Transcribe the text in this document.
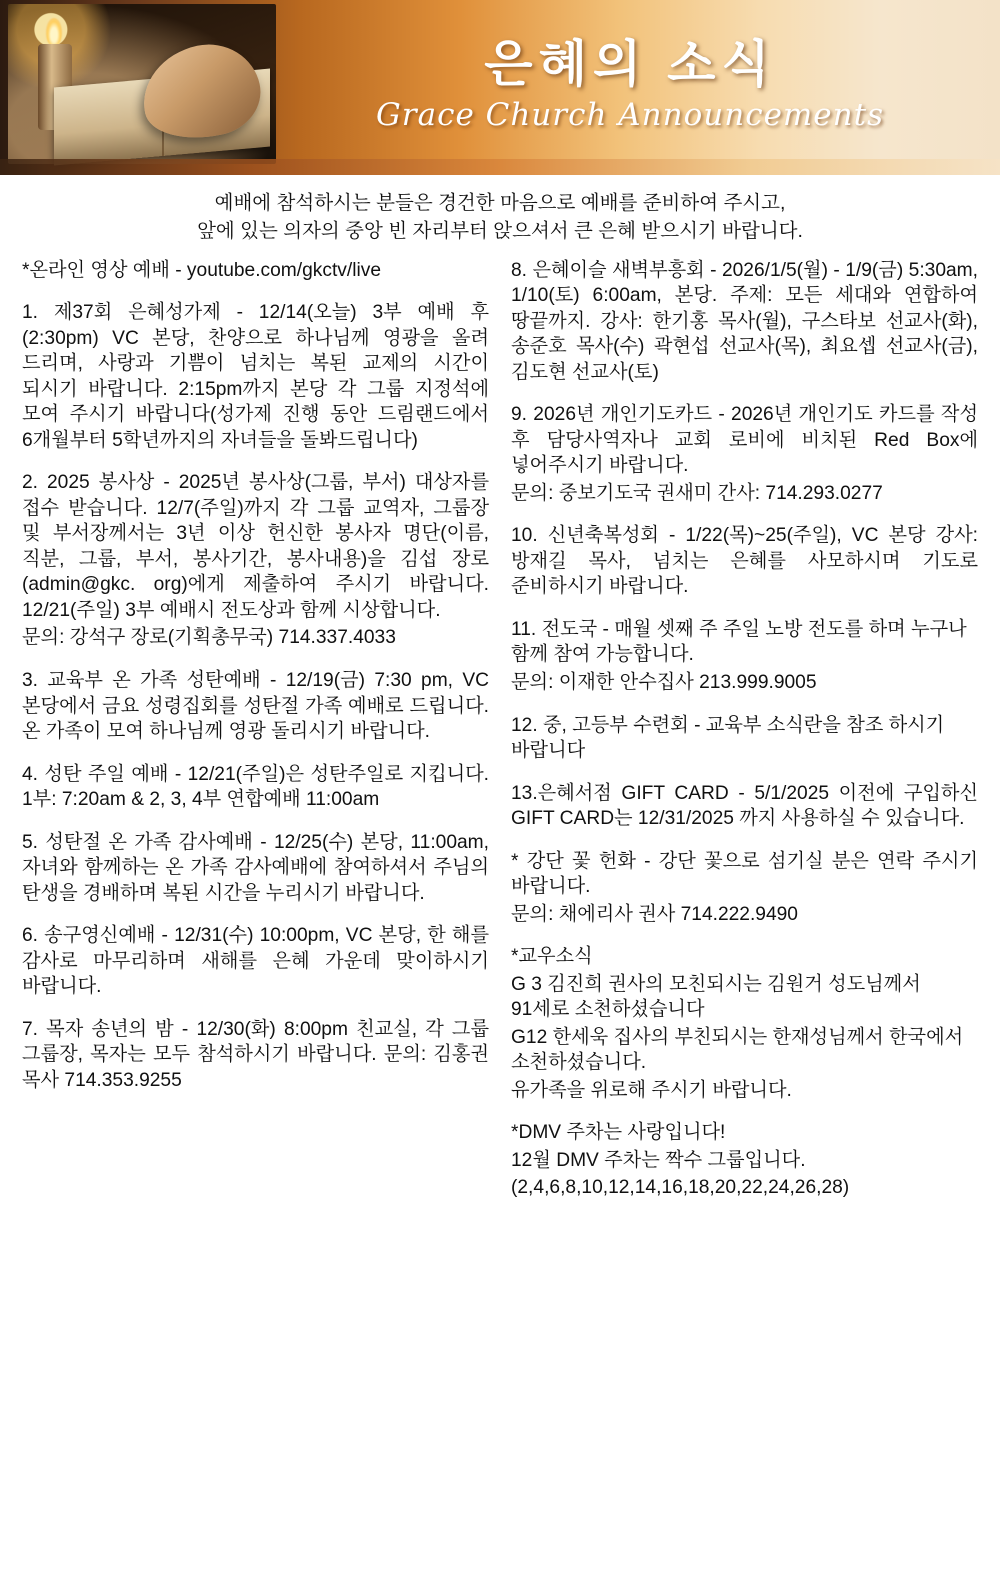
은혜의 소식
Grace Church Announcements
예배에 참석하시는 분들은 경건한 마음으로 예배를 준비하여 주시고,
앞에 있는 의자의 중앙 빈 자리부터 앉으셔서 큰 은혜 받으시기 바랍니다.

*온라인 영상 예배 - youtube.com/gkctv/live

1. 제37회 은혜성가제 - 12/14(오늘) 3부 예배 후(2:30pm) VC 본당, 찬양으로 하나님께 영광을 올려 드리며, 사랑과 기쁨이 넘치는 복된 교제의 시간이 되시기 바랍니다. 2:15pm까지 본당 각 그룹 지정석에 모여 주시기 바랍니다(성가제 진행 동안 드림랜드에서 6개월부터 5학년까지의 자녀들을 돌봐드립니다)

2. 2025 봉사상 - 2025년 봉사상(그룹, 부서) 대상자를 접수 받습니다. 12/7(주일)까지 각 그룹 교역자, 그룹장 및 부서장께서는 3년 이상 헌신한 봉사자 명단(이름, 직분, 그룹, 부서, 봉사기간, 봉사내용)을 김섭 장로(admin@gkc. org)에게 제출하여 주시기 바랍니다. 12/21(주일) 3부 예배시 전도상과 함께 시상합니다.

문의: 강석구 장로(기획총무국) 714.337.4033

3. 교육부 온 가족 성탄예배 - 12/19(금) 7:30 pm, VC 본당에서 금요 성령집회를 성탄절 가족 예배로 드립니다. 온 가족이 모여 하나님께 영광 돌리시기 바랍니다.

4. 성탄 주일 예배 - 12/21(주일)은 성탄주일로 지킵니다. 1부: 7:20am & 2, 3, 4부 연합예배 11:00am

5. 성탄절 온 가족 감사예배 - 12/25(수) 본당, 11:00am, 자녀와 함께하는 온 가족 감사예배에 참여하셔서 주님의 탄생을 경배하며 복된 시간을 누리시기 바랍니다.

6. 송구영신예배 - 12/31(수) 10:00pm, VC 본당, 한 해를 감사로 마무리하며 새해를 은혜 가운데 맞이하시기 바랍니다.

7. 목자 송년의 밤 - 12/30(화) 8:00pm 친교실, 각 그룹 그룹장, 목자는 모두 참석하시기 바랍니다. 문의: 김홍권 목사 714.353.9255

8. 은혜이슬 새벽부흥회 - 2026/1/5(월) - 1/9(금) 5:30am, 1/10(토) 6:00am, 본당. 주제: 모든 세대와 연합하여 땅끝까지. 강사: 한기홍 목사(월), 구스타보 선교사(화), 송준호 목사(수) 곽현섭 선교사(목), 최요셉 선교사(금), 김도현 선교사(토)

9. 2026년 개인기도카드 - 2026년 개인기도 카드를 작성 후 담당사역자나 교회 로비에 비치된 Red Box에 넣어주시기 바랍니다.

문의: 중보기도국 권새미 간사: 714.293.0277

10. 신년축복성회 - 1/22(목)~25(주일), VC 본당 강사: 방재길 목사, 넘치는 은혜를 사모하시며 기도로 준비하시기 바랍니다.

11. 전도국 - 매월 셋째 주 주일 노방 전도를 하며 누구나 함께 참여 가능합니다.

문의: 이재한 안수집사 213.999.9005

12. 중, 고등부 수련회 - 교육부 소식란을 참조 하시기 바랍니다

13.은혜서점 GIFT CARD - 5/1/2025 이전에 구입하신 GIFT CARD는 12/31/2025 까지 사용하실 수 있습니다.

* 강단 꽃 헌화 - 강단 꽃으로 섬기실 분은 연락 주시기 바랍니다.

문의: 채에리사 권사 714.222.9490

*교우소식

G 3 김진희 권사의 모친되시는 김원거 성도님께서 91세로 소천하셨습니다

G12 한세욱 집사의 부친되시는 한재성님께서 한국에서 소천하셨습니다.

유가족을 위로해 주시기 바랍니다.

*DMV 주차는 사랑입니다!

12월 DMV 주차는 짝수 그룹입니다.

(2,4,6,8,10,12,14,16,18,20,22,24,26,28)
